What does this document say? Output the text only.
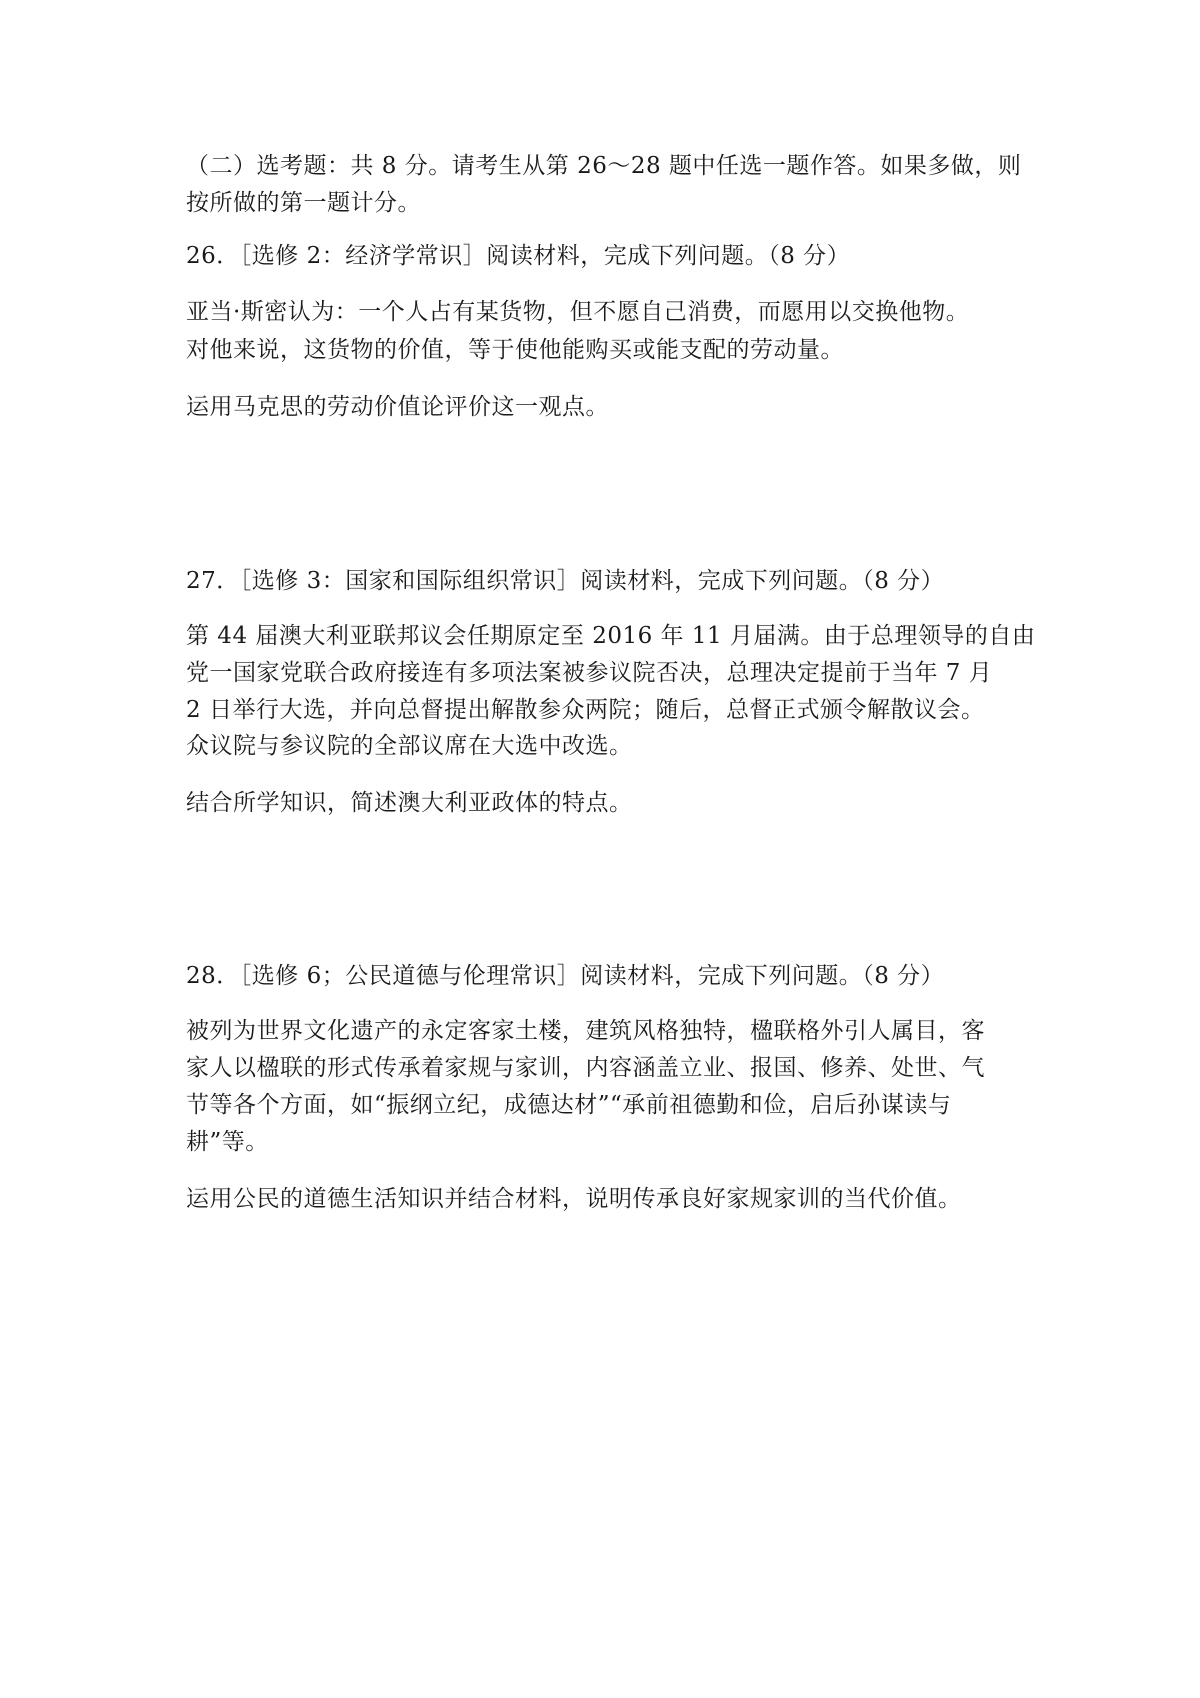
（二）选考题：共 8 分。请考生从第 26～28 题中任选一题作答。如果多做，则

按所做的第一题计分。

26．［选修 2：经济学常识］阅读材料，完成下列问题。（8 分）

亚当·斯密认为：一个人占有某货物，但不愿自己消费，而愿用以交换他物。

对他来说，这货物的价值，等于使他能购买或能支配的劳动量。

运用马克思的劳动价值论评价这一观点。

27．［选修 3：国家和国际组织常识］阅读材料，完成下列问题。（8 分）

第 44 届澳大利亚联邦议会任期原定至 2016 年 11 月届满。由于总理领导的自由

党一国家党联合政府接连有多项法案被参议院否决，总理决定提前于当年 7 月

2 日举行大选，并向总督提出解散参众两院；随后，总督正式颁令解散议会。

众议院与参议院的全部议席在大选中改选。

结合所学知识，简述澳大利亚政体的特点。

28．［选修 6；公民道德与伦理常识］阅读材料，完成下列问题。（8 分）

被列为世界文化遗产的永定客家土楼，建筑风格独特，楹联格外引人属目，客

家人以楹联的形式传承着家规与家训，内容涵盖立业、报国、修养、处世、气

节等各个方面，如“振纲立纪，成德达材”“承前祖德勤和俭，启后孙谋读与

耕”等。

运用公民的道德生活知识并结合材料，说明传承良好家规家训的当代价值。
